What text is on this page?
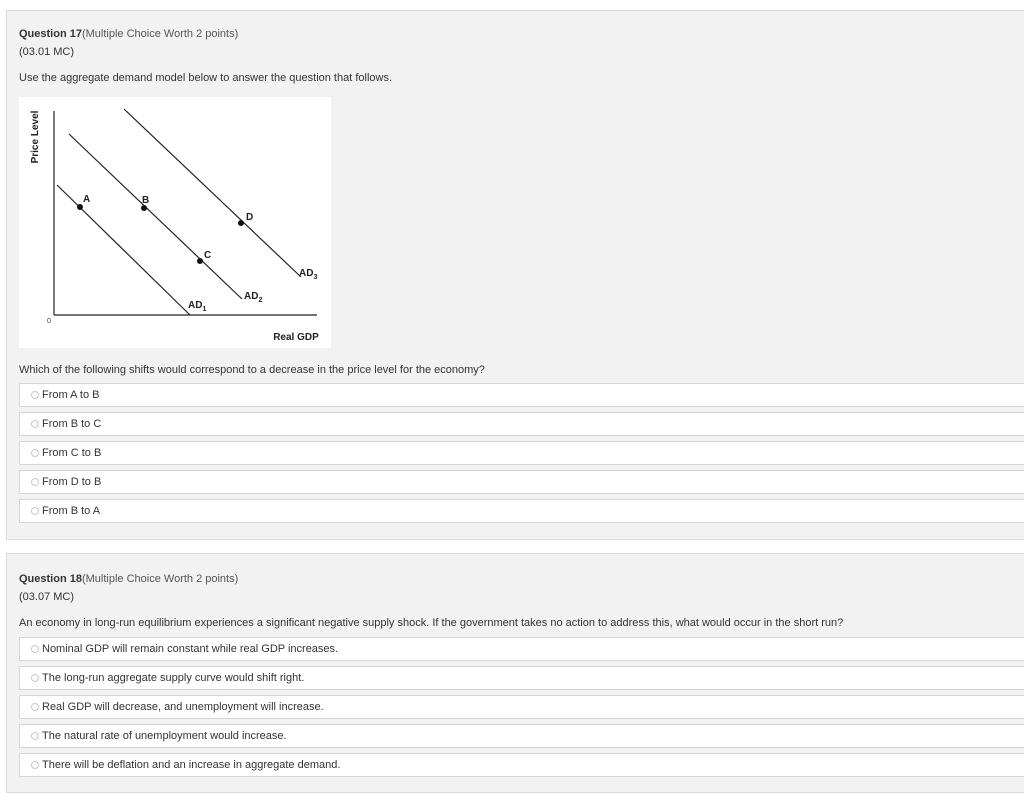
Question 17(Multiple Choice Worth 2 points)
(03.01 MC)
Use the aggregate demand model below to answer the question that follows.
Price Level
Real GDP
0
$AD_1$
$AD_2$
$AD_3$
A	B
C
D
Which of the following shifts would correspond to a decrease in the price level for the economy?
From A to B
From B to C
From C to B
From D to B
From B to A
Question 18(Multiple Choice Worth 2 points)
(03.07 MC)
An economy in long-run equilibrium experiences a significant negative supply shock. If the government takes no action to address this, what would occur in the short run?
Nominal GDP will remain constant while real GDP increases.
The long-run aggregate supply curve would shift right.
Real GDP will decrease, and unemployment will increase.
The natural rate of unemployment would increase.
There will be deflation and an increase in aggregate demand.
